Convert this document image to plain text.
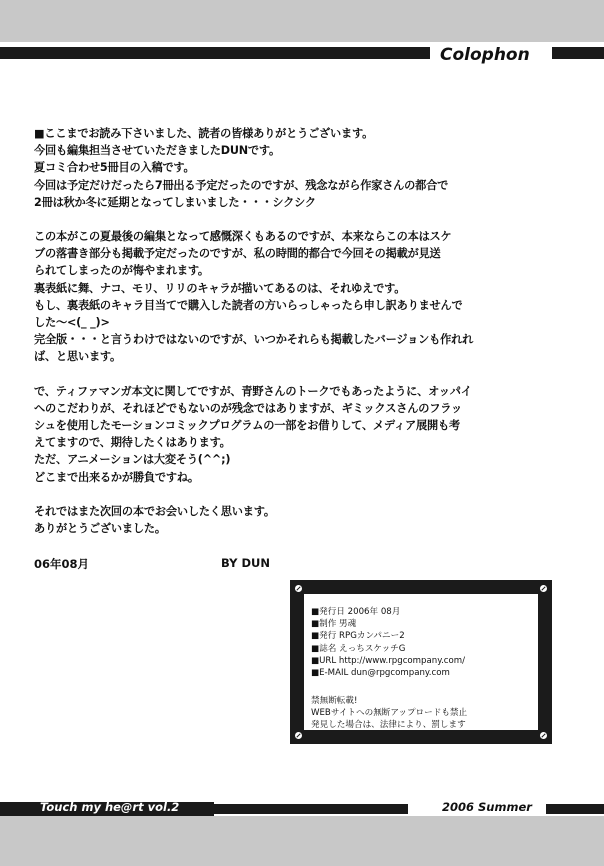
Colophon

■ここまでお読み下さいました、読者の皆様ありがとうございます。

今回も編集担当させていただきましたDUNです。

夏コミ合わせ5冊目の入稿です。

今回は予定だけだったら7冊出る予定だったのですが、残念ながら作家さんの都合で

2冊は秋か冬に延期となってしまいました・・・シクシク

この本がこの夏最後の編集となって感慨深くもあるのですが、本来ならこの本はスケ

ブの落書き部分も掲載予定だったのですが、私の時間的都合で今回その掲載が見送

られてしまったのが悔やまれます。

裏表紙に舞、ナコ、モリ、リリのキャラが描いてあるのは、それゆえです。

もし、裏表紙のキャラ目当てで購入した読者の方いらっしゃったら申し訳ありませんで

した～<(_ _)>

完全版・・・と言うわけではないのですが、いつかそれらも掲載したバージョンも作れれ

ば、と思います。

で、ティファマンガ本文に関してですが、青野さんのトークでもあったように、オッパイ

へのこだわりが、それほどでもないのが残念ではありますが、ギミックスさんのフラッ

シュを使用したモーションコミックプログラムの一部をお借りして、メディア展開も考

えてますので、期待したくはあります。

ただ、アニメーションは大変そう(^^;)

どこまで出来るかが勝負ですね。

それではまた次回の本でお会いしたく思います。

ありがとうございました。

06年08月	BY DUN
■発行日 2006年 08月
■制作 男魂
■発行 RPGカンパニー2
■誌名 えっちスケッチG
■URL http://www.rpgcompany.com/
■E-MAIL dun@rpgcompany.com
禁無断転載!
WEBサイトへの無断アップロードも禁止
発見した場合は、法律により、罰します
Touch my he@rt vol.2	2006 Summer
